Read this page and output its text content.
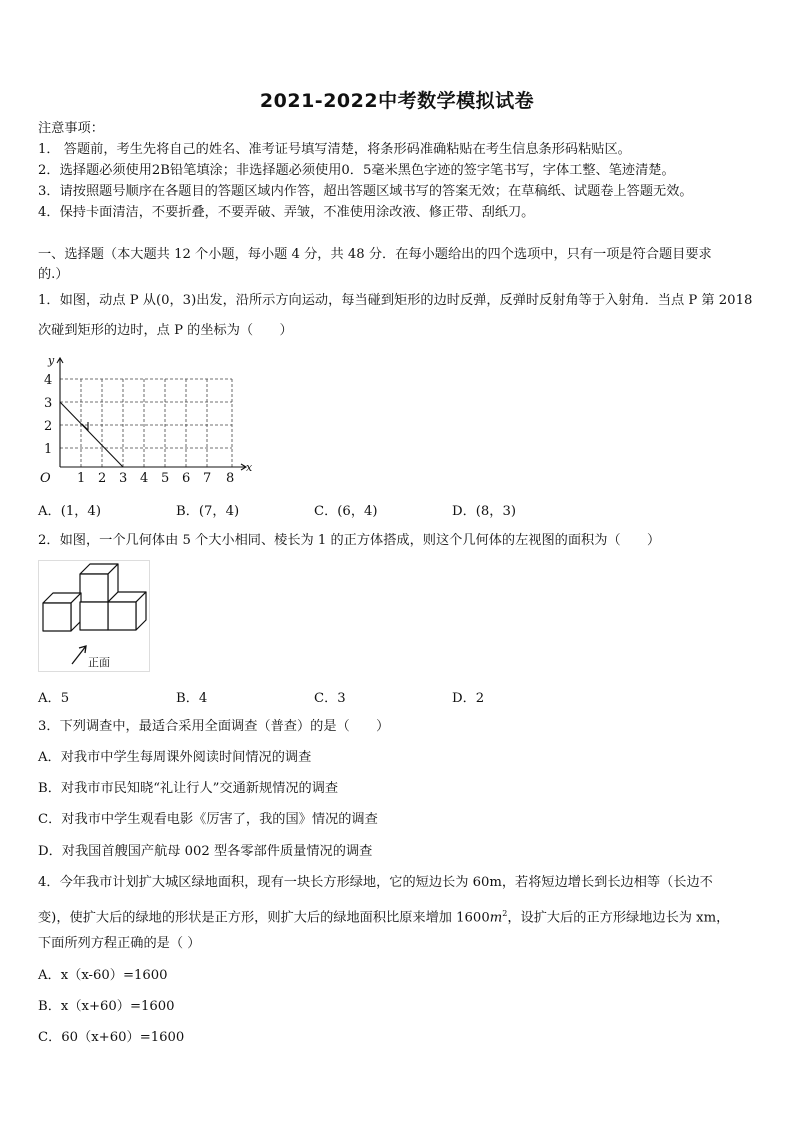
2021-2022中考数学模拟试卷
注意事项：
1． 答题前，考生先将自己的姓名、准考证号填写清楚，将条形码准确粘贴在考生信息条形码粘贴区。
2．选择题必须使用2B铅笔填涂；非选择题必须使用0．5毫米黑色字迹的签字笔书写，字体工整、笔迹清楚。
3．请按照题号顺序在各题目的答题区域内作答，超出答题区域书写的答案无效；在草稿纸、试题卷上答题无效。
4．保持卡面清洁，不要折叠，不要弄破、弄皱，不准使用涂改液、修正带、刮纸刀。
一、选择题（本大题共 12 个小题，每小题 4 分，共 48 分．在每小题给出的四个选项中，只有一项是符合题目要求
的.）
1．如图，动点 P 从(0，3)出发，沿所示方向运动，每当碰到矩形的边时反弹，反弹时反射角等于入射角．当点 P 第 2018
次碰到矩形的边时，点 P 的坐标为（　　）
y
x
O
4
3
2
1
1 2 3 4 5 6 7 8
A．(1，4)	B．(7，4)	C．(6，4)	D．(8，3)
2．如图，一个几何体由 5 个大小相同、棱长为 1 的正方体搭成，则这个几何体的左视图的面积为（　　）
正面
A．5	B．4	C．3	D．2
3．下列调查中，最适合采用全面调查（普查）的是（　　）
A．对我市中学生每周课外阅读时间情况的调查
B．对我市市民知晓“礼让行人”交通新规情况的调查
C．对我市中学生观看电影《厉害了，我的国》情况的调查
D．对我国首艘国产航母 002 型各零部件质量情况的调查
4．今年我市计划扩大城区绿地面积，现有一块长方形绿地，它的短边长为 60m，若将短边增长到长边相等（长边不
变)，使扩大后的绿地的形状是正方形，则扩大后的绿地面积比原来增加 $1600m^2$，设扩大后的正方形绿地边长为 xm，
下面所列方程正确的是（ ）
A．x（x-60）=1600
B．x（x+60）=1600
C．60（x+60）=1600
